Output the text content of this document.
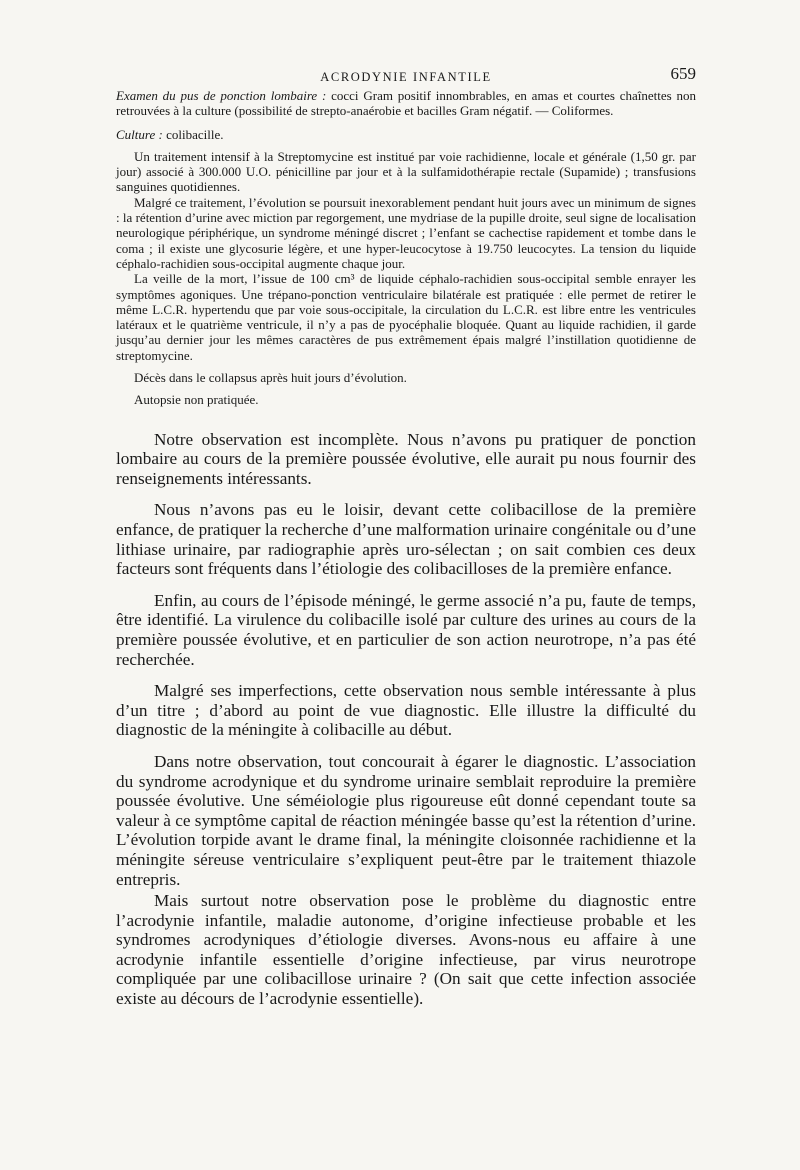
ACRODYNIE INFANTILE	659

Examen du pus de ponction lombaire : cocci Gram positif innombrables, en amas et courtes chaînettes non retrouvées à la culture (possibilité de strepto-anaérobie et bacilles Gram négatif. — Coliformes.

Culture : colibacille.

Un traitement intensif à la Streptomycine est institué par voie rachidienne, locale et générale (1,50 gr. par jour) associé à 300.000 U.O. pénicilline par jour et à la sulfamidothérapie rectale (Supamide) ; transfusions sanguines quotidiennes.

Malgré ce traitement, l’évolution se poursuit inexorablement pendant huit jours avec un minimum de signes : la rétention d’urine avec miction par regorgement, une mydriase de la pupille droite, seul signe de localisation neurologique périphérique, un syndrome méningé discret ; l’enfant se cachectise rapidement et tombe dans le coma ; il existe une glycosurie légère, et une hyper-leucocytose à 19.750 leucocytes. La tension du liquide céphalo-rachidien sous-occipital augmente chaque jour.

La veille de la mort, l’issue de 100 cm³ de liquide céphalo-rachidien sous-occipital semble enrayer les symptômes agoniques. Une trépano-ponction ventriculaire bilatérale est pratiquée : elle permet de retirer le même L.C.R. hypertendu que par voie sous-occipitale, la circulation du L.C.R. est libre entre les ventricules latéraux et le quatrième ventricule, il n’y a pas de pyocéphalie bloquée. Quant au liquide rachidien, il garde jusqu’au dernier jour les mêmes caractères de pus extrêmement épais malgré l’instillation quotidienne de streptomycine.

Décès dans le collapsus après huit jours d’évolution.

Autopsie non pratiquée.

Notre observation est incomplète. Nous n’avons pu pratiquer de ponction lombaire au cours de la première poussée évolutive, elle aurait pu nous fournir des renseignements intéressants.

Nous n’avons pas eu le loisir, devant cette colibacillose de la première enfance, de pratiquer la recherche d’une malformation urinaire congénitale ou d’une lithiase urinaire, par radiographie après uro-sélectan ; on sait combien ces deux facteurs sont fréquents dans l’étiologie des colibacilloses de la première enfance.

Enfin, au cours de l’épisode méningé, le germe associé n’a pu, faute de temps, être identifié. La virulence du colibacille isolé par culture des urines au cours de la première poussée évolutive, et en particulier de son action neurotrope, n’a pas été recherchée.

Malgré ses imperfections, cette observation nous semble intéressante à plus d’un titre ; d’abord au point de vue diagnostic. Elle illustre la difficulté du diagnostic de la méningite à colibacille au début.

Dans notre observation, tout concourait à égarer le diagnostic. L’association du syndrome acrodynique et du syndrome urinaire semblait reproduire la première poussée évolutive. Une séméiologie plus rigoureuse eût donné cependant toute sa valeur à ce symptôme capital de réaction méningée basse qu’est la rétention d’urine. L’évolution torpide avant le drame final, la méningite cloisonnée rachidienne et la méningite séreuse ventriculaire s’expliquent peut-être par le traitement thiazole entrepris.

Mais surtout notre observation pose le problème du diagnostic entre l’acrodynie infantile, maladie autonome, d’origine infectieuse probable et les syndromes acrodyniques d’étiologie diverses. Avons-nous eu affaire à une acrodynie infantile essentielle d’origine infectieuse, par virus neurotrope compliquée par une colibacillose urinaire ? (On sait que cette infection associée existe au décours de l’acrodynie essentielle).
